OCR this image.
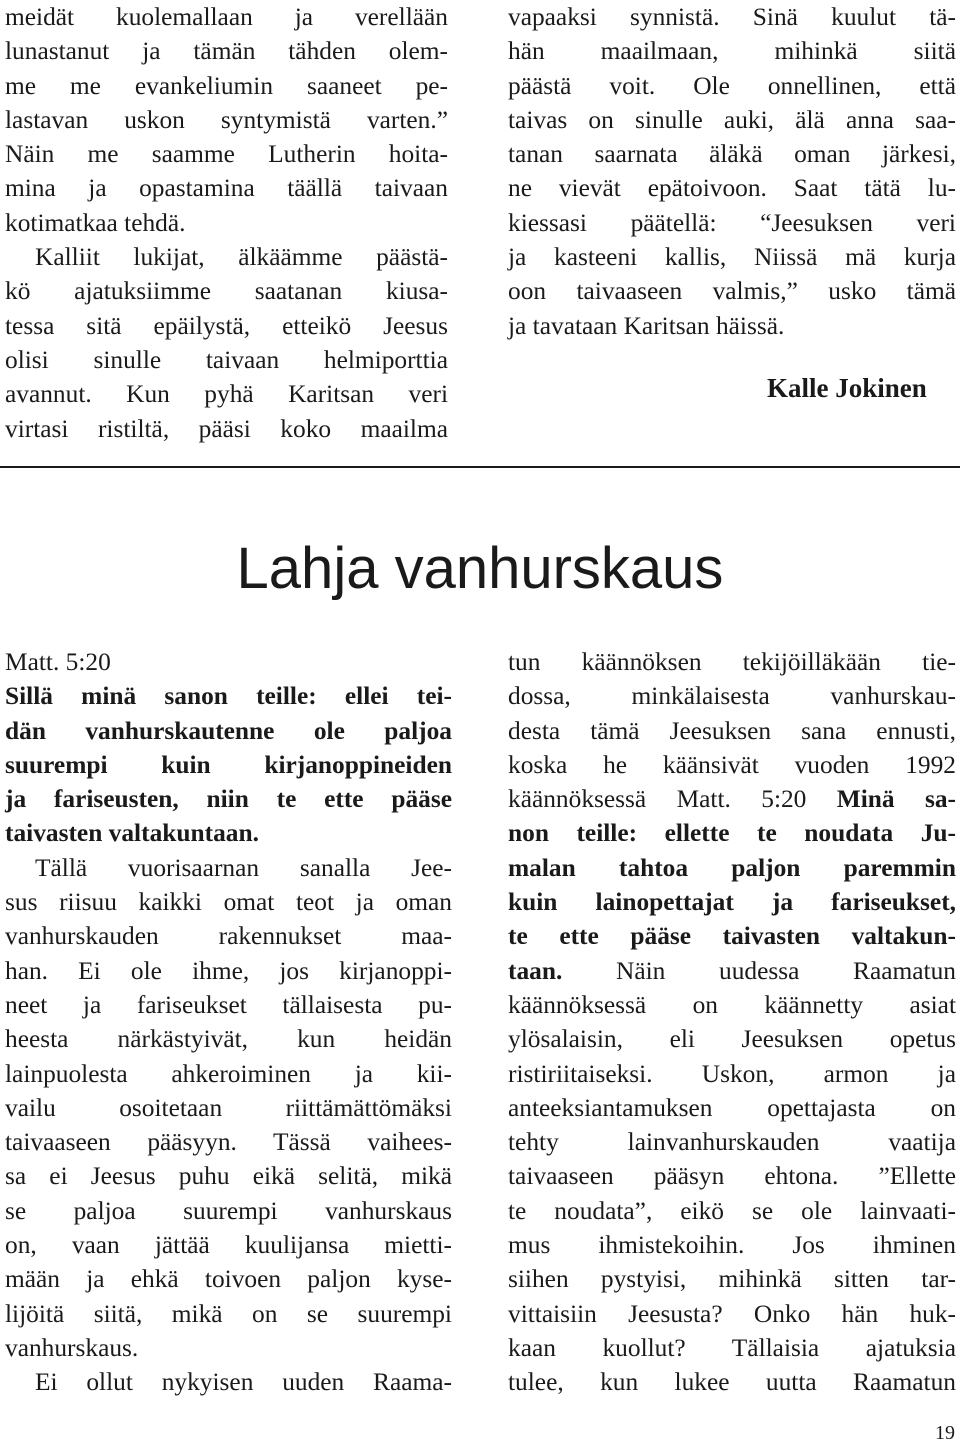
meidät kuolemallaan ja verellään
lunastanut ja tämän tähden olem-
me me evankeliumin saaneet pe-
lastavan uskon syntymistä varten.”
Näin me saamme Lutherin hoita-
mina ja opastamina täällä taivaan
kotimatkaa tehdä.
Kalliit lukijat, älkäämme päästä-
kö ajatuksiimme saatanan kiusa-
tessa sitä epäilystä, etteikö Jeesus
olisi sinulle taivaan helmiporttia
avannut. Kun pyhä Karitsan veri
virtasi ristiltä, pääsi koko maailma
vapaaksi synnistä. Sinä kuulut tä-
hän maailmaan, mihinkä siitä
päästä voit. Ole onnellinen, että
taivas on sinulle auki, älä anna saa-
tanan saarnata äläkä oman järkesi,
ne vievät epätoivoon. Saat tätä lu-
kiessasi päätellä: “Jeesuksen veri
ja kasteeni kallis, Niissä mä kurja
oon taivaaseen valmis,” usko tämä
ja tavataan Karitsan häissä.
Kalle Jokinen
Lahja vanhurskaus
Matt. 5:20
Sillä minä sanon teille: ellei tei-
dän vanhurskautenne ole paljoa
suurempi kuin kirjanoppineiden
ja fariseusten, niin te ette pääse
taivasten valtakuntaan.
Tällä vuorisaarnan sanalla Jee-
sus riisuu kaikki omat teot ja oman
vanhurskauden rakennukset maa-
han. Ei ole ihme, jos kirjanoppi-
neet ja fariseukset tällaisesta pu-
heesta närkästyivät, kun heidän
lainpuolesta ahkeroiminen ja kii-
vailu osoitetaan riittämättömäksi
taivaaseen pääsyyn. Tässä vaihees-
sa ei Jeesus puhu eikä selitä, mikä
se paljoa suurempi vanhurskaus
on, vaan jättää kuulijansa mietti-
mään ja ehkä toivoen paljon kyse-
lijöitä siitä, mikä on se suurempi
vanhurskaus.
Ei ollut nykyisen uuden Raama-
tun käännöksen tekijöilläkään tie-
dossa, minkälaisesta vanhurskau-
desta tämä Jeesuksen sana ennusti,
koska he käänsivät vuoden 1992
käännöksessä Matt. 5:20 Minä sa-
non teille: ellette te noudata Ju-
malan tahtoa paljon paremmin
kuin lainopettajat ja fariseukset,
te ette pääse taivasten valtakun-
taan. Näin uudessa Raamatun
käännöksessä on käännetty asiat
ylösalaisin, eli Jeesuksen opetus
ristiriitaiseksi. Uskon, armon ja
anteeksiantamuksen opettajasta on
tehty lainvanhurskauden vaatija
taivaaseen pääsyn ehtona. ”Ellette
te noudata”, eikö se ole lainvaati-
mus ihmistekoihin. Jos ihminen
siihen pystyisi, mihinkä sitten tar-
vittaisiin Jeesusta? Onko hän huk-
kaan kuollut? Tällaisia ajatuksia
tulee, kun lukee uutta Raamatun
19
